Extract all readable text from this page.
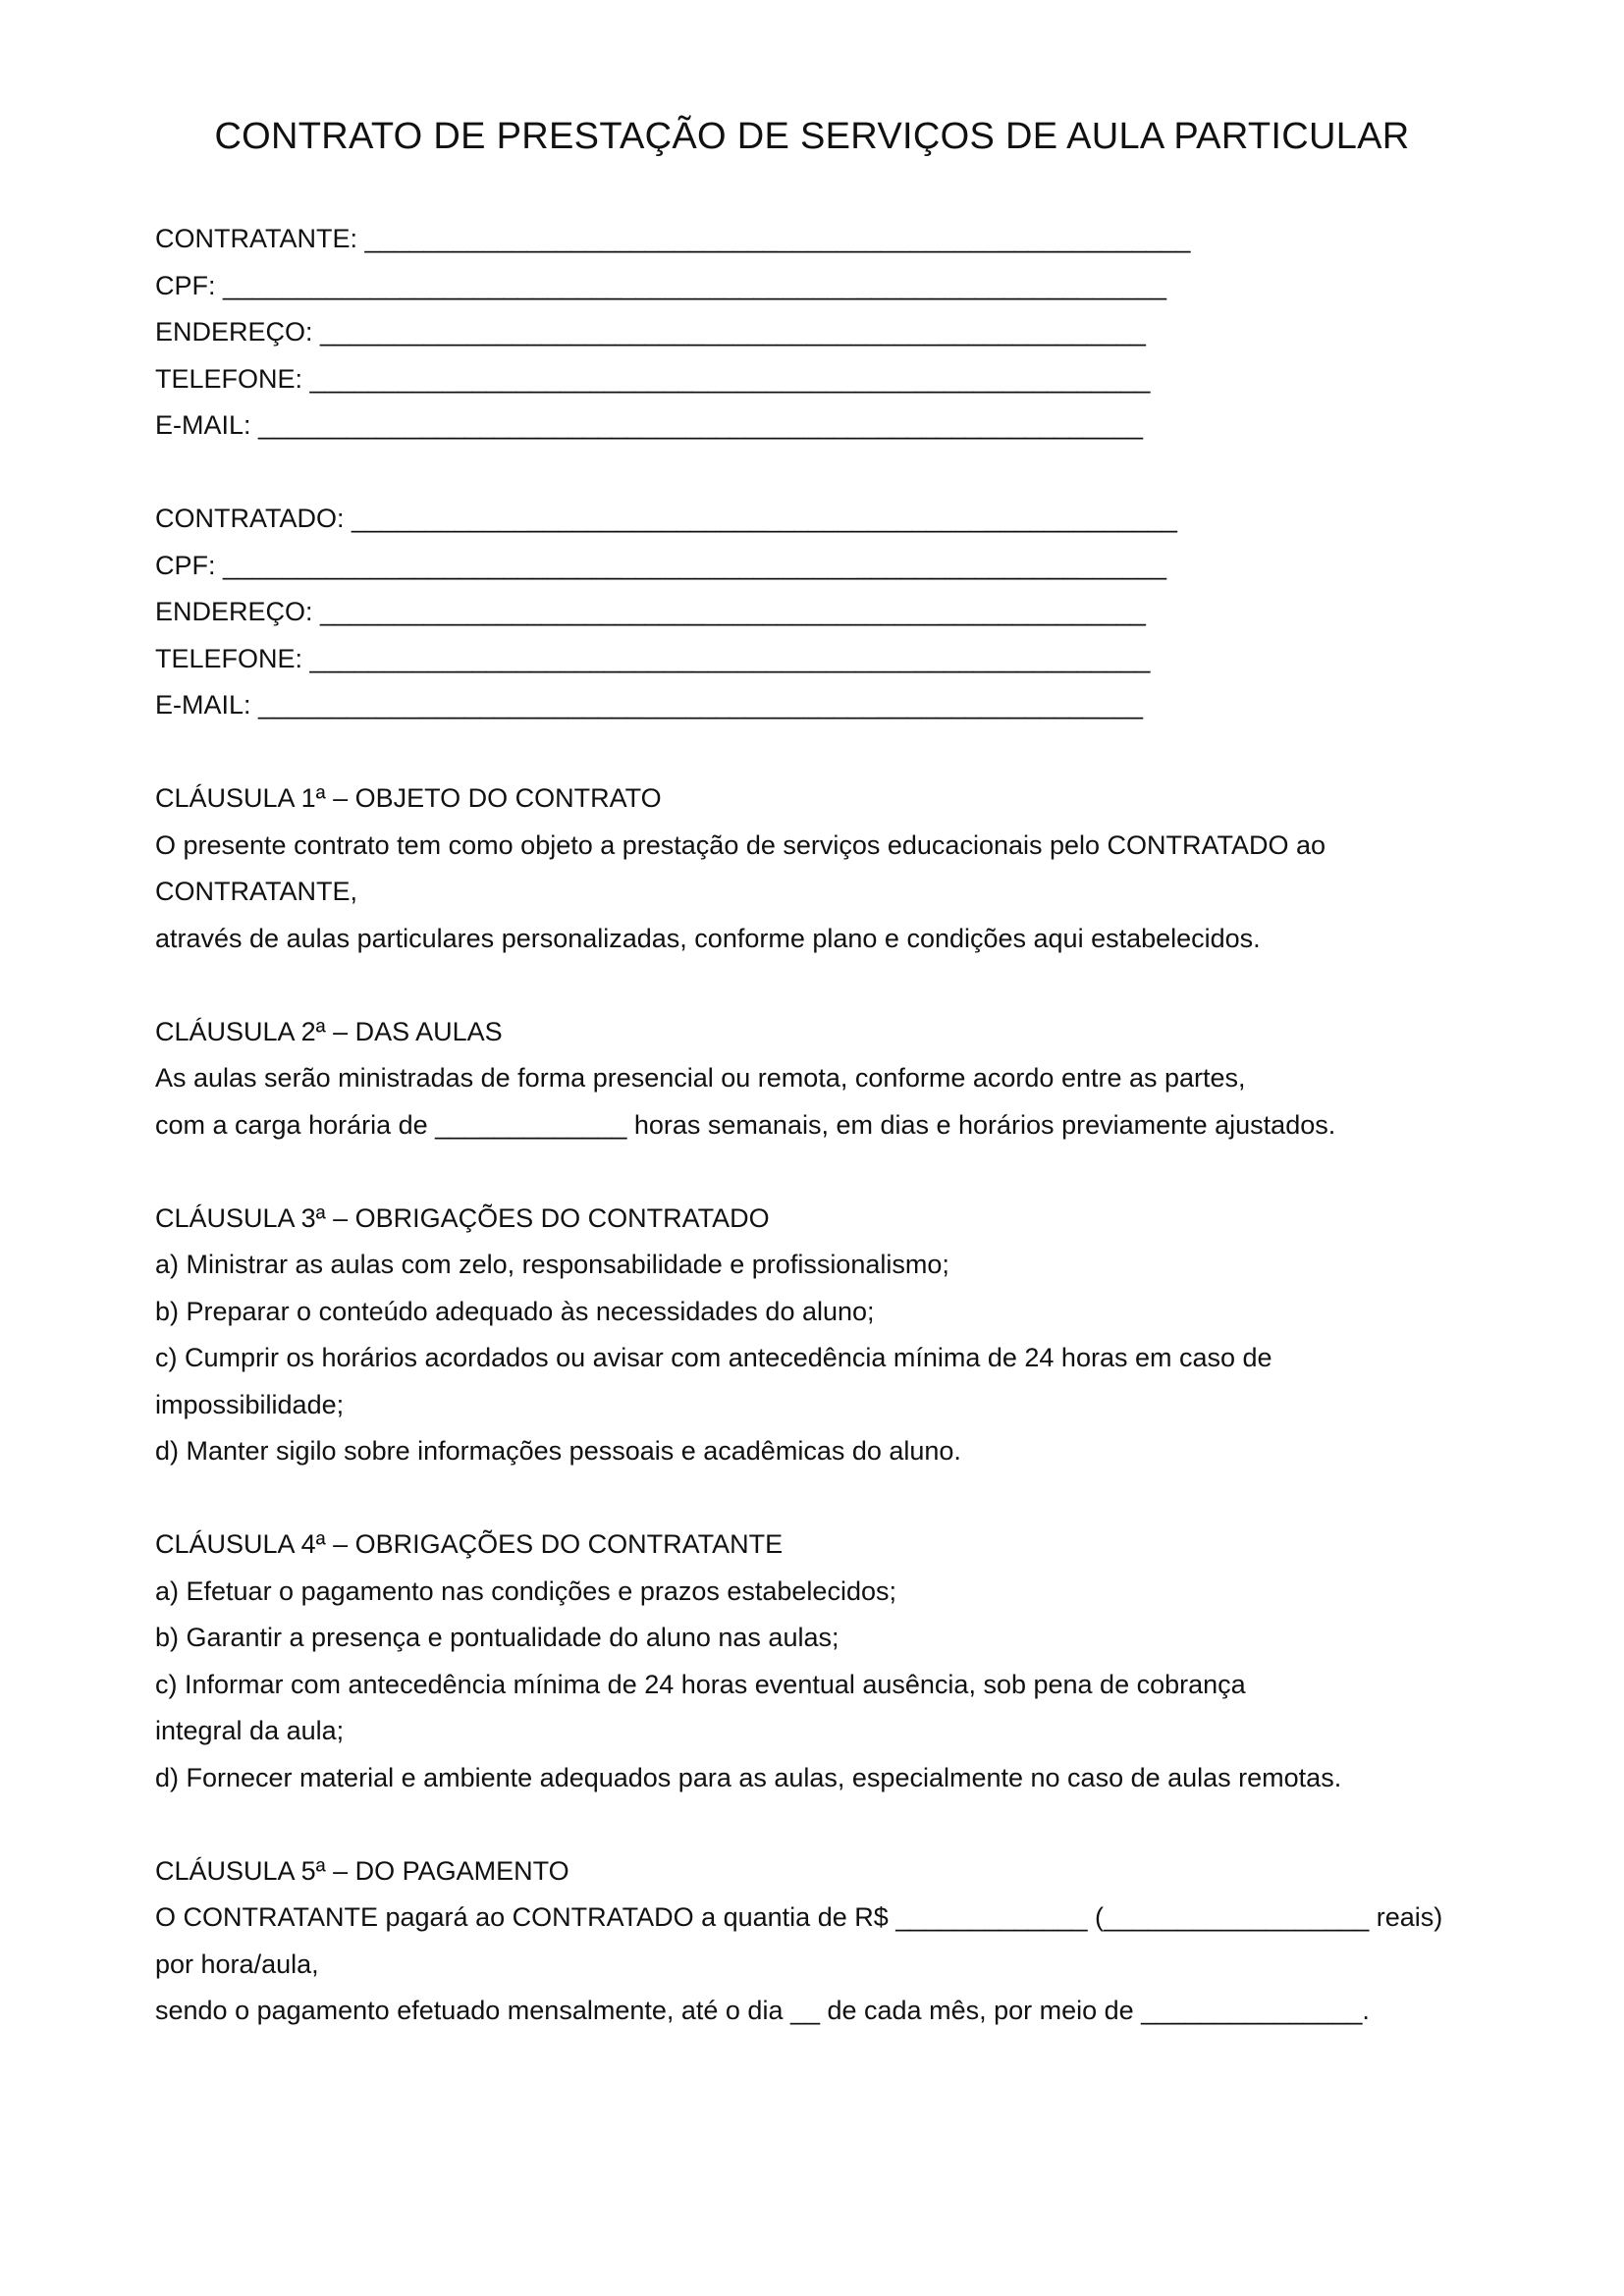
CONTRATO DE PRESTAÇÃO DE SERVIÇOS DE AULA PARTICULAR
CONTRATANTE: ________________________________________________________
CPF: ________________________________________________________________
ENDEREÇO: ________________________________________________________
TELEFONE: _________________________________________________________
E-MAIL: ____________________________________________________________
CONTRATADO: ________________________________________________________
CPF: ________________________________________________________________
ENDEREÇO: ________________________________________________________
TELEFONE: _________________________________________________________
E-MAIL: ____________________________________________________________
CLÁUSULA 1ª – OBJETO DO CONTRATO
O presente contrato tem como objeto a prestação de serviços educacionais pelo CONTRATADO ao
CONTRATANTE,
através de aulas particulares personalizadas, conforme plano e condições aqui estabelecidos.
CLÁUSULA 2ª – DAS AULAS
As aulas serão ministradas de forma presencial ou remota, conforme acordo entre as partes,
com a carga horária de _____________ horas semanais, em dias e horários previamente ajustados.
CLÁUSULA 3ª – OBRIGAÇÕES DO CONTRATADO
a) Ministrar as aulas com zelo, responsabilidade e profissionalismo;
b) Preparar o conteúdo adequado às necessidades do aluno;
c) Cumprir os horários acordados ou avisar com antecedência mínima de 24 horas em caso de
impossibilidade;
d) Manter sigilo sobre informações pessoais e acadêmicas do aluno.
CLÁUSULA 4ª – OBRIGAÇÕES DO CONTRATANTE
a) Efetuar o pagamento nas condições e prazos estabelecidos;
b) Garantir a presença e pontualidade do aluno nas aulas;
c) Informar com antecedência mínima de 24 horas eventual ausência, sob pena de cobrança
integral da aula;
d) Fornecer material e ambiente adequados para as aulas, especialmente no caso de aulas remotas.
CLÁUSULA 5ª – DO PAGAMENTO
O CONTRATANTE pagará ao CONTRATADO a quantia de R$ _____________ (__________________ reais)
por hora/aula,
sendo o pagamento efetuado mensalmente, até o dia __ de cada mês, por meio de _______________.
